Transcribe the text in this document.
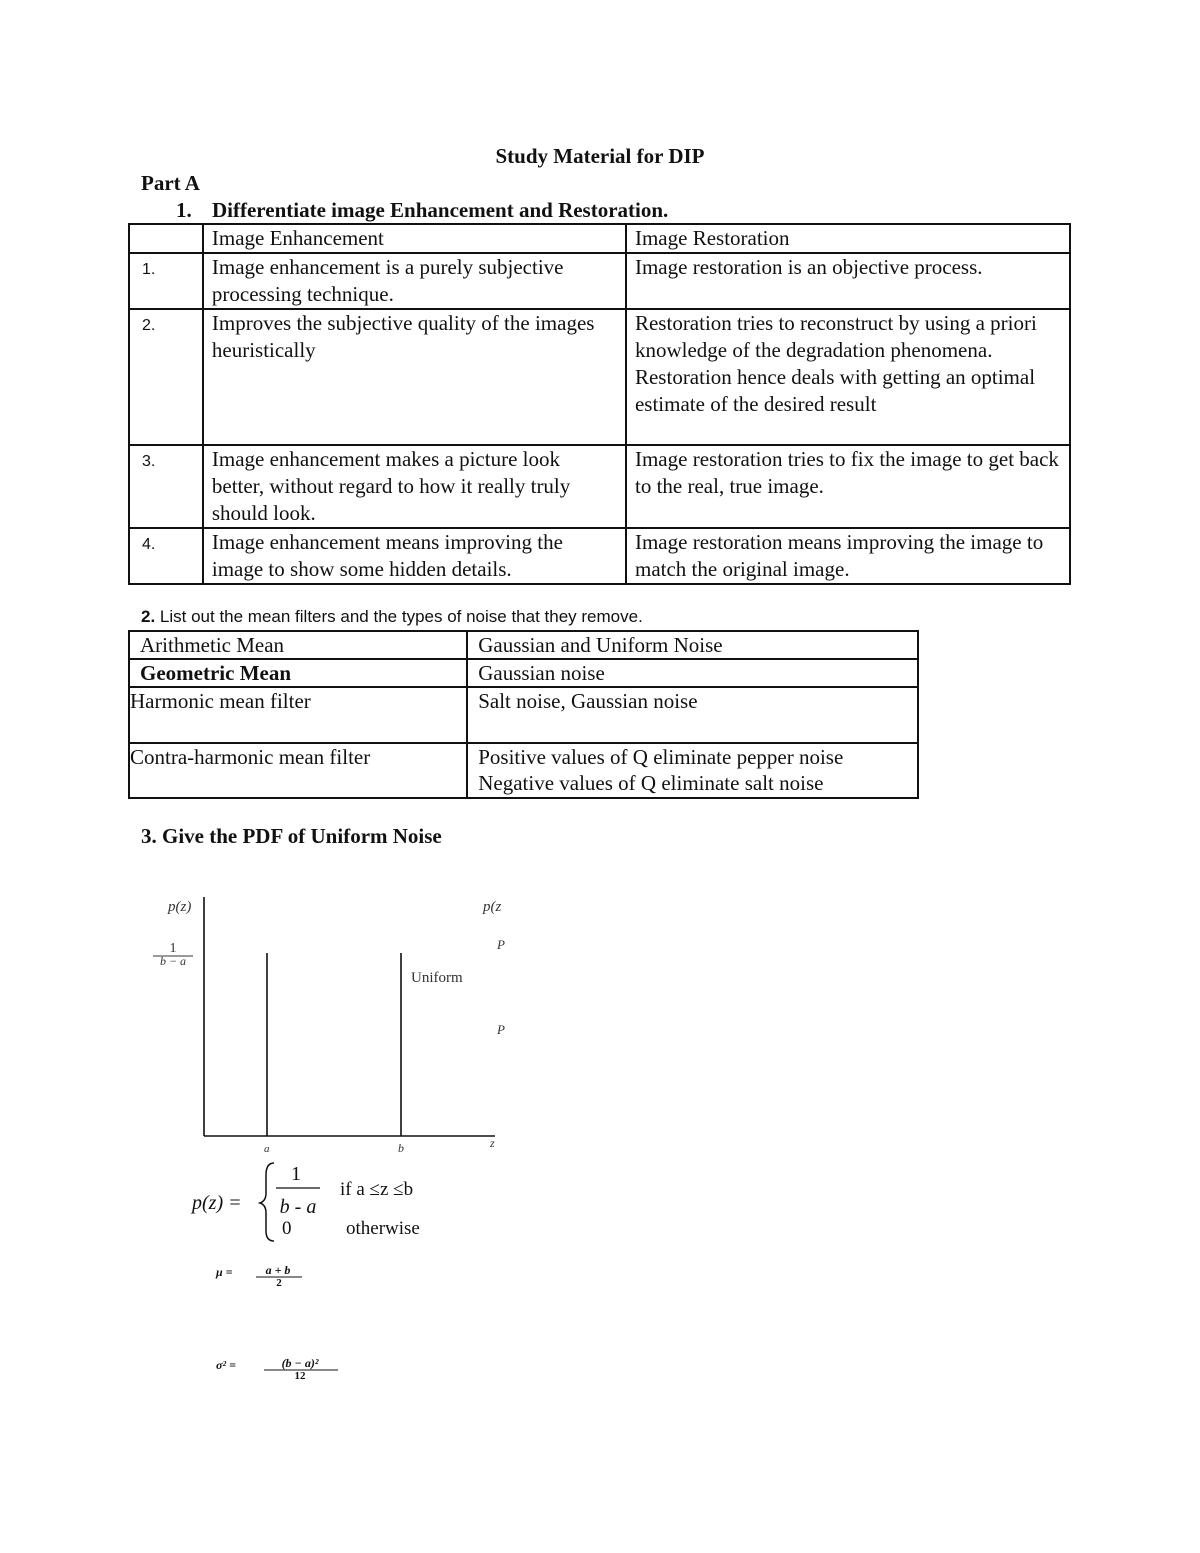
Study Material for DIP
Part A
1. Differentiate image Enhancement and Restoration.
	Image Enhancement	Image Restoration
1.	Image enhancement is a purely subjective processing technique.	Image restoration is an objective process.
2.	Improves the subjective quality of the images heuristically	Restoration tries to reconstruct by using a priori knowledge of the degradation phenomena. Restoration hence deals with getting an optimal estimate of the desired result
3.	Image enhancement makes a picture look better, without regard to how it really truly should look.	Image restoration tries to fix the image to get back to the real, true image.
4.	Image enhancement means improving the image to show some hidden details.	Image restoration means improving the image to match the original image.
2. List out the mean filters and the types of noise that they remove.
Arithmetic Mean	Gaussian and Uniform Noise
Geometric Mean	Gaussian noise
Harmonic mean filter	Salt noise, Gaussian noise
Contra-harmonic mean filter	Positive values of Q eliminate pepper noise
Negative values of Q eliminate salt noise
3. Give the PDF of Uniform Noise
p(z)	p(z
1
b − a
Uniform
P
P
a	b	z
p(z) =
1
b - a
if a ≤z ≤b
0	otherwise
μ =	a + b
2
σ² =	(b − a)²
12
